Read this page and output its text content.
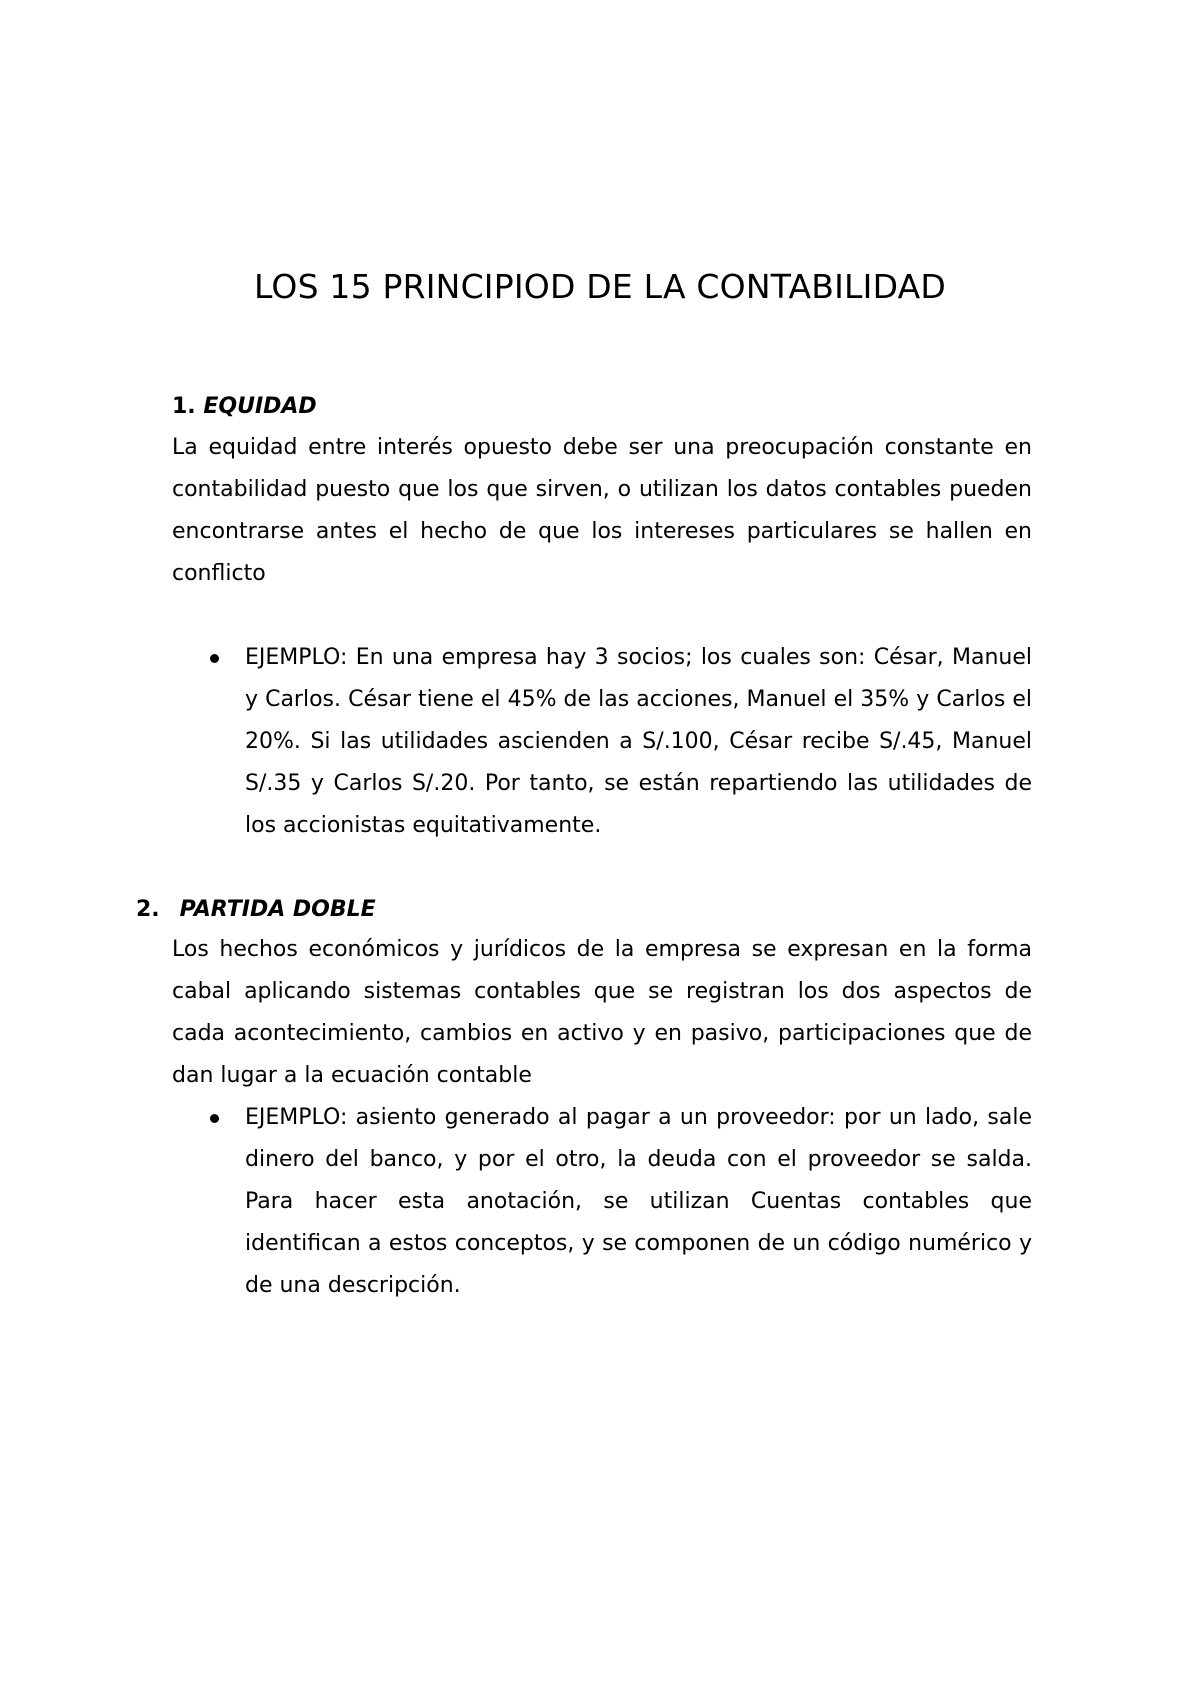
LOS 15 PRINCIPIOD DE LA CONTABILIDAD
1. EQUIDAD

La equidad entre interés opuesto debe ser una preocupación constante en contabilidad puesto que los que sirven, o utilizan los datos contables pueden encontrarse antes el hecho de que los intereses particulares se hallen en conflicto

EJEMPLO: En una empresa hay 3 socios; los cuales son: César, Manuel y Carlos. César tiene el 45% de las acciones, Manuel el 35% y Carlos el 20%. Si las utilidades ascienden a S/.100, César recibe S/.45, Manuel S/.35 y Carlos S/.20. Por tanto, se están repartiendo las utilidades de los accionistas equitativamente.

2. PARTIDA DOBLE

Los hechos económicos y jurídicos de la empresa se expresan en la forma cabal aplicando sistemas contables que se registran los dos aspectos de cada acontecimiento, cambios en activo y en pasivo, participaciones que de dan lugar a la ecuación contable

EJEMPLO: asiento generado al pagar a un proveedor: por un lado, sale dinero del banco, y por el otro, la deuda con el proveedor se salda. Para hacer esta anotación, se utilizan Cuentas contables que identifican a estos conceptos, y se componen de un código numérico y de una descripción.
